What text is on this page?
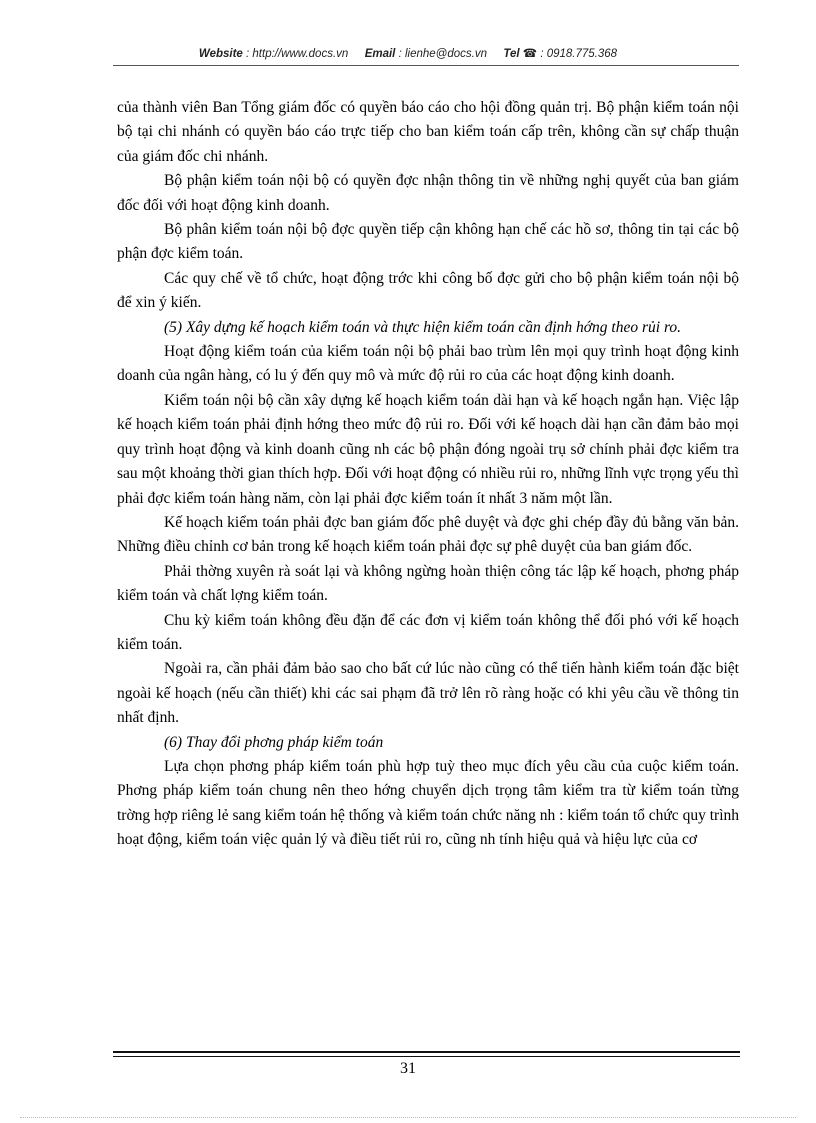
Website : http://www.docs.vn Email : lienhe@docs.vn Tel ☎ : 0918.775.368

của thành viên Ban Tổng giám đốc có quyền báo cáo cho hội đồng quản trị. Bộ phận kiểm toán nội bộ tại chi nhánh có quyền báo cáo trực tiếp cho ban kiểm toán cấp trên, không cần sự chấp thuận của giám đốc chi nhánh.

Bộ phận kiểm toán nội bộ có quyền đợc nhận thông tin về những nghị quyết của ban giám đốc đối với hoạt động kinh doanh.

Bộ phân kiểm toán nội bộ đợc quyền tiếp cận không hạn chế các hồ sơ, thông tin tại các bộ phận đợc kiểm toán.

Các quy chế về tổ chức, hoạt động trớc khi công bố đợc gửi cho bộ phận kiểm toán nội bộ để xin ý kiến.

(5) Xây dựng kế hoạch kiểm toán và thực hiện kiểm toán cần định hớng theo rủi ro.

Hoạt động kiểm toán của kiểm toán nội bộ phải bao trùm lên mọi quy trình hoạt động kinh doanh của ngân hàng, có lu ý đến quy mô và mức độ rủi ro của các hoạt động kinh doanh.

Kiểm toán nội bộ cần xây dựng kế hoạch kiểm toán dài hạn và kế hoạch ngắn hạn. Việc lập kế hoạch kiểm toán phải định hớng theo mức độ rủi ro. Đối với kế hoạch dài hạn cần đảm bảo mọi quy trình hoạt động và kinh doanh cũng nh các bộ phận đóng ngoài trụ sở chính phải đợc kiểm tra sau một khoảng thời gian thích hợp. Đối với hoạt động có nhiều rủi ro, những lĩnh vực trọng yếu thì phải đợc kiểm toán hàng năm, còn lại phải đợc kiểm toán ít nhất 3 năm một lần.

Kế hoạch kiểm toán phải đợc ban giám đốc phê duyệt và đợc ghi chép đầy đủ bằng văn bản. Những điều chỉnh cơ bản trong kế hoạch kiểm toán phải đợc sự phê duyệt của ban giám đốc.

Phải thờng xuyên rà soát lại và không ngừng hoàn thiện công tác lập kế hoạch, phơng pháp kiểm toán và chất lợng kiểm toán.

Chu kỳ kiểm toán không đều đặn để các đơn vị kiểm toán không thể đối phó với kế hoạch kiểm toán.

Ngoài ra, cần phải đảm bảo sao cho bất cứ lúc nào cũng có thể tiến hành kiểm toán đặc biệt ngoài kế hoạch (nếu cần thiết) khi các sai phạm đã trở lên rõ ràng hoặc có khi yêu cầu về thông tin nhất định.

(6) Thay đổi phơng pháp kiểm toán

Lựa chọn phơng pháp kiểm toán phù hợp tuỳ theo mục đích yêu cầu của cuộc kiểm toán. Phơng pháp kiểm toán chung nên theo hớng chuyển dịch trọng tâm kiểm tra từ kiểm toán từng trờng hợp riêng lẻ sang kiểm toán hệ thống và kiểm toán chức năng nh : kiểm toán tổ chức quy trình hoạt động, kiểm toán việc quản lý và điều tiết rủi ro, cũng nh tính hiệu quả và hiệu lực của cơ

31
